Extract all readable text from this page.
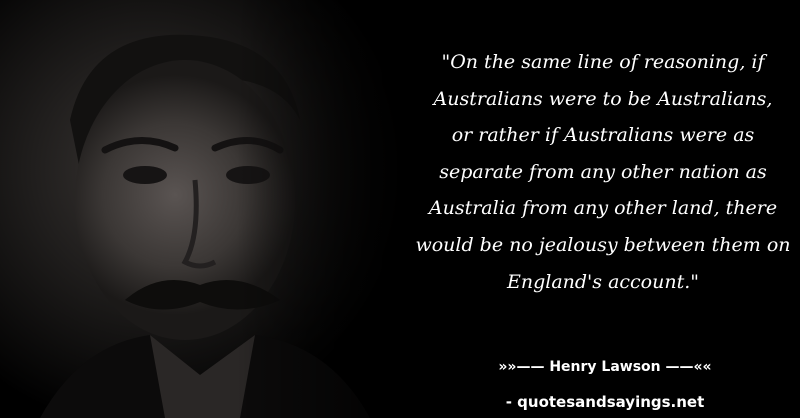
"On the same line of reasoning, if
Australians were to be Australians,
or rather if Australians were as
separate from any other nation as
Australia from any other land, there
would be no jealousy between them on
England's account."

»»—— Henry Lawson ——««

- quotesandsayings.net
